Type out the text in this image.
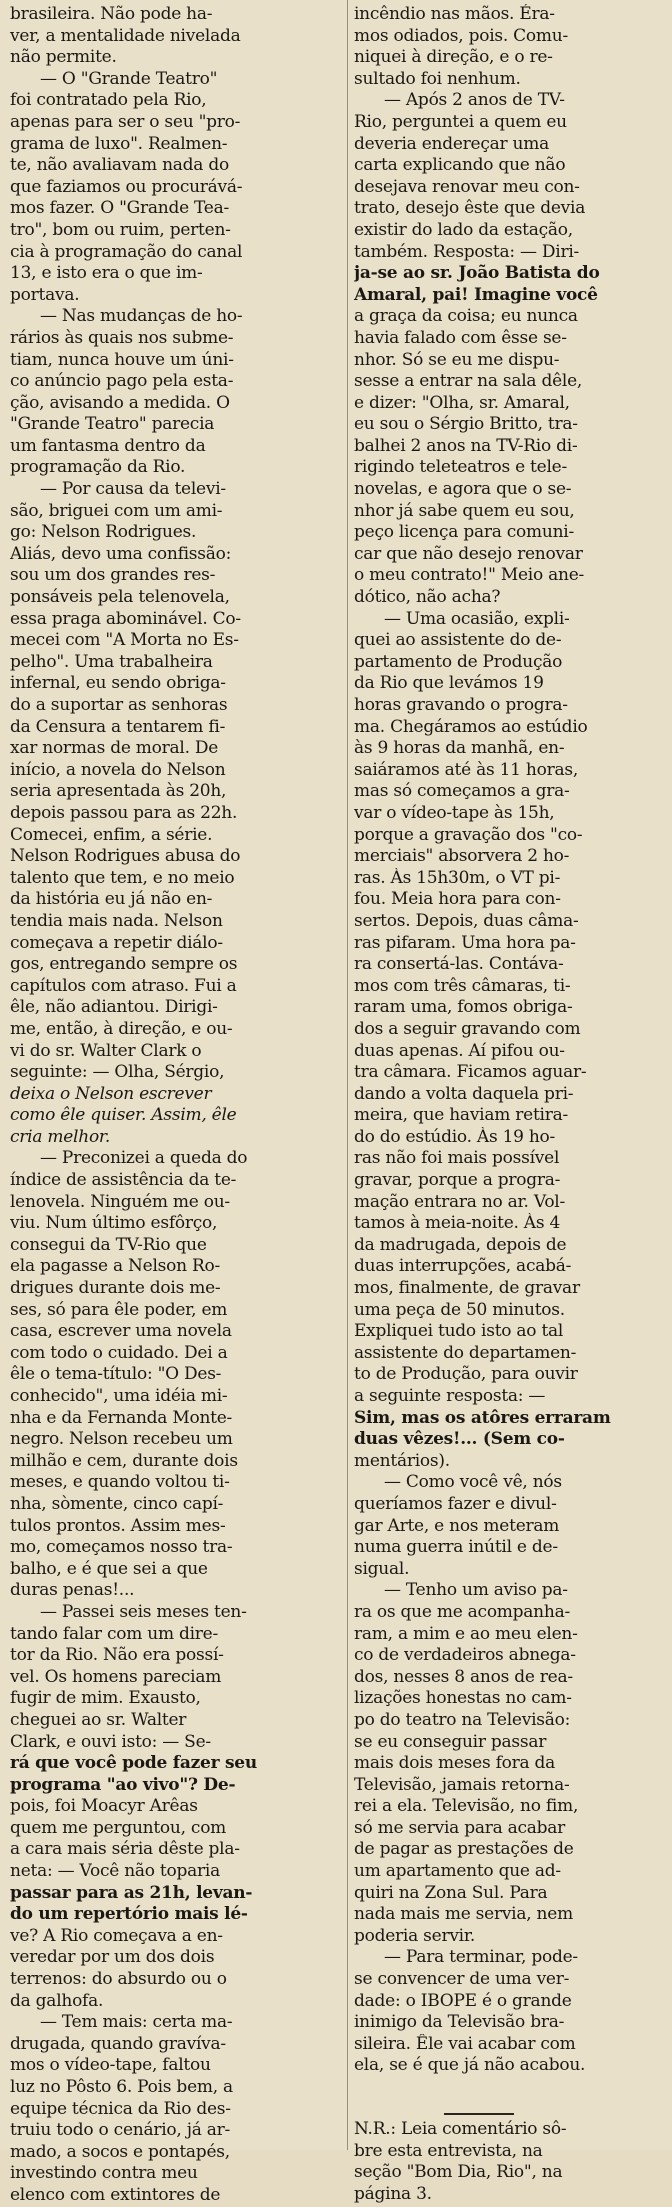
brasileira. Não pode ha-
ver, a mentalidade nivelada
não permite.
— O "Grande Teatro"
foi contratado pela Rio,
apenas para ser o seu "pro-
grama de luxo". Realmen-
te, não avaliavam nada do
que faziamos ou procurává-
mos fazer. O "Grande Tea-
tro", bom ou ruim, perten-
cia à programação do canal
13, e isto era o que im-
portava.
— Nas mudanças de ho-
rários às quais nos subme-
tiam, nunca houve um úni-
co anúncio pago pela esta-
ção, avisando a medida. O
"Grande Teatro" parecia
um fantasma dentro da
programação da Rio.
— Por causa da televi-
são, briguei com um ami-
go: Nelson Rodrigues.
Aliás, devo uma confissão:
sou um dos grandes res-
ponsáveis pela telenovela,
essa praga abominável. Co-
mecei com "A Morta no Es-
pelho". Uma trabalheira
infernal, eu sendo obriga-
do a suportar as senhoras
da Censura a tentarem fi-
xar normas de moral. De
início, a novela do Nelson
seria apresentada às 20h,
depois passou para as 22h.
Comecei, enfim, a série.
Nelson Rodrigues abusa do
talento que tem, e no meio
da história eu já não en-
tendia mais nada. Nelson
começava a repetir diálo-
gos, entregando sempre os
capítulos com atraso. Fui a
êle, não adiantou. Dirigi-
me, então, à direção, e ou-
vi do sr. Walter Clark o
seguinte: — Olha, Sérgio,
deixa o Nelson escrever
como êle quiser. Assim, êle
cria melhor.
— Preconizei a queda do
índice de assistência da te-
lenovela. Ninguém me ou-
viu. Num último esfôrço,
consegui da TV-Rio que
ela pagasse a Nelson Ro-
drigues durante dois me-
ses, só para êle poder, em
casa, escrever uma novela
com todo o cuidado. Dei a
êle o tema-título: "O Des-
conhecido", uma idéia mi-
nha e da Fernanda Monte-
negro. Nelson recebeu um
milhão e cem, durante dois
meses, e quando voltou ti-
nha, sòmente, cinco capí-
tulos prontos. Assim mes-
mo, começamos nosso tra-
balho, e é que sei a que
duras penas!...
— Passei seis meses ten-
tando falar com um dire-
tor da Rio. Não era possí-
vel. Os homens pareciam
fugir de mim. Exausto,
cheguei ao sr. Walter
Clark, e ouvi isto: — Se-
rá que você pode fazer seu
programa "ao vivo"? De-
pois, foi Moacyr Arêas
quem me perguntou, com
a cara mais séria dêste pla-
neta: — Você não toparia
passar para as 21h, levan-
do um repertório mais lé-
ve? A Rio começava a en-
veredar por um dos dois
terrenos: do absurdo ou o
da galhofa.
— Tem mais: certa ma-
drugada, quando gravíva-
mos o vídeo-tape, faltou
luz no Pôsto 6. Pois bem, a
equipe técnica da Rio des-
truiu todo o cenário, já ar-
mado, a socos e pontapés,
investindo contra meu
elenco com extintores de
incêndio nas mãos. Éra-
mos odiados, pois. Comu-
niquei à direção, e o re-
sultado foi nenhum.
— Após 2 anos de TV-
Rio, perguntei a quem eu
deveria endereçar uma
carta explicando que não
desejava renovar meu con-
trato, desejo êste que devia
existir do lado da estação,
também. Resposta: — Diri-
ja-se ao sr. João Batista do
Amaral, pai! Imagine você
a graça da coisa; eu nunca
havia falado com êsse se-
nhor. Só se eu me dispu-
sesse a entrar na sala dêle,
e dizer: "Olha, sr. Amaral,
eu sou o Sérgio Britto, tra-
balhei 2 anos na TV-Rio di-
rigindo teleteatros e tele-
novelas, e agora que o se-
nhor já sabe quem eu sou,
peço licença para comuni-
car que não desejo renovar
o meu contrato!" Meio ane-
dótico, não acha?
— Uma ocasião, expli-
quei ao assistente do de-
partamento de Produção
da Rio que levámos 19
horas gravando o progra-
ma. Chegáramos ao estúdio
às 9 horas da manhã, en-
saiáramos até às 11 horas,
mas só começamos a gra-
var o vídeo-tape às 15h,
porque a gravação dos "co-
merciais" absorvera 2 ho-
ras. Às 15h30m, o VT pi-
fou. Meia hora para con-
sertos. Depois, duas câma-
ras pifaram. Uma hora pa-
ra consertá-las. Contáva-
mos com três câmaras, ti-
raram uma, fomos obriga-
dos a seguir gravando com
duas apenas. Aí pifou ou-
tra câmara. Ficamos aguar-
dando a volta daquela pri-
meira, que haviam retira-
do do estúdio. Às 19 ho-
ras não foi mais possível
gravar, porque a progra-
mação entrara no ar. Vol-
tamos à meia-noite. Às 4
da madrugada, depois de
duas interrupções, acabá-
mos, finalmente, de gravar
uma peça de 50 minutos.
Expliquei tudo isto ao tal
assistente do departamen-
to de Produção, para ouvir
a seguinte resposta: —
Sim, mas os atôres erraram
duas vêzes!... (Sem co-
mentários).
— Como você vê, nós
queríamos fazer e divul-
gar Arte, e nos meteram
numa guerra inútil e de-
sigual.
— Tenho um aviso pa-
ra os que me acompanha-
ram, a mim e ao meu elen-
co de verdadeiros abnega-
dos, nesses 8 anos de rea-
lizações honestas no cam-
po do teatro na Televisão:
se eu conseguir passar
mais dois meses fora da
Televisão, jamais retorna-
rei a ela. Televisão, no fim,
só me servia para acabar
de pagar as prestações de
um apartamento que ad-
quiri na Zona Sul. Para
nada mais me servia, nem
poderia servir.
— Para terminar, pode-
se convencer de uma ver-
dade: o IBOPE é o grande
inimigo da Televisão bra-
sileira. Êle vai acabar com
ela, se é que já não acabou.
N.R.: Leia comentário sô-
bre esta entrevista, na
seção "Bom Dia, Rio", na
página 3.
